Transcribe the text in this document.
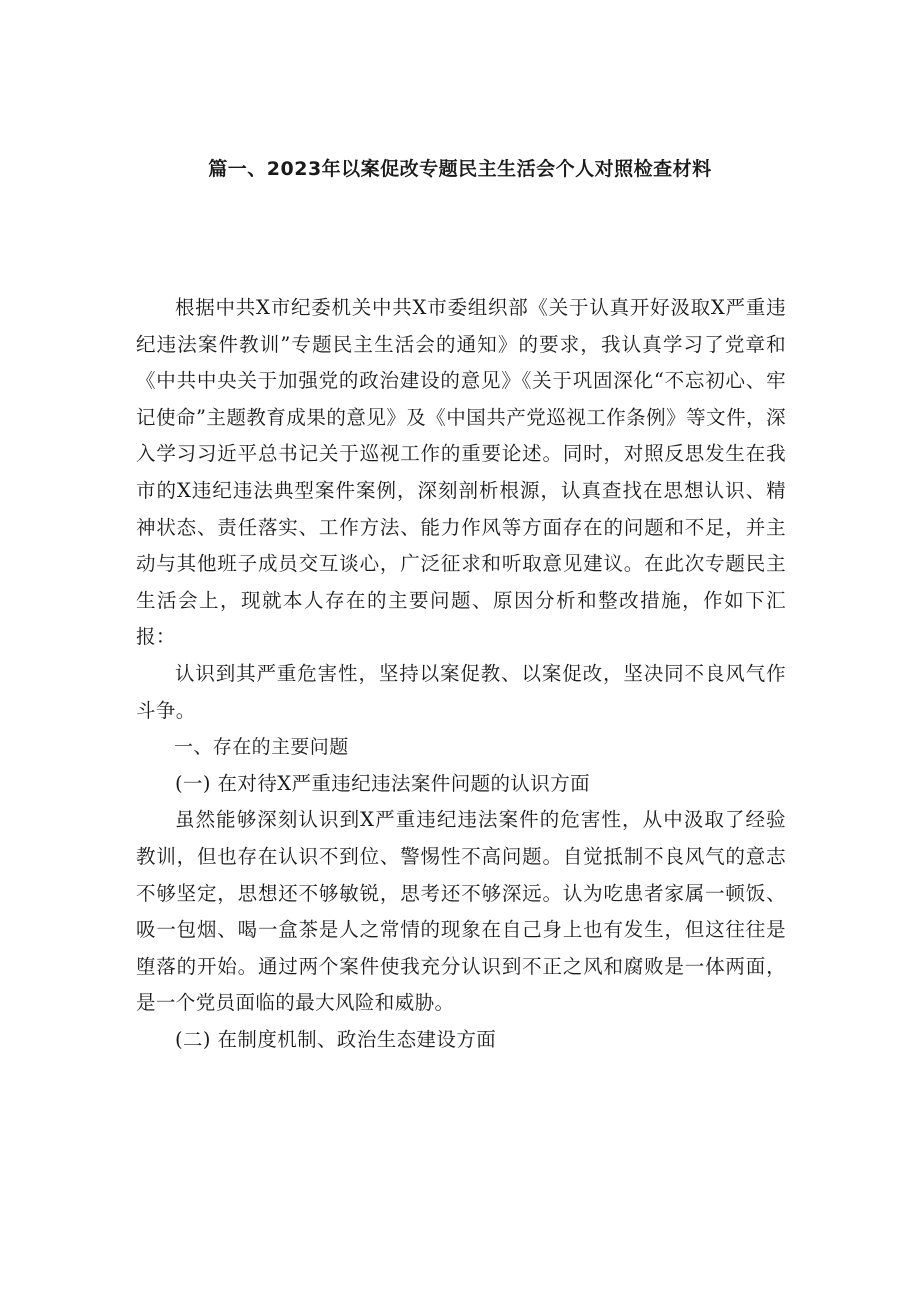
篇一、2023年以案促改专题民主生活会个人对照检查材料

根据中共X市纪委机关中共X市委组织部《关于认真开好汲取X严重违纪违法案件教训”专题民主生活会的通知》的要求，我认真学习了党章和《中共中央关于加强党的政治建设的意见》《关于巩固深化“不忘初心、牢记使命”主题教育成果的意见》及《中国共产党巡视工作条例》等文件，深入学习习近平总书记关于巡视工作的重要论述。同时，对照反思发生在我市的X违纪违法典型案件案例，深刻剖析根源，认真查找在思想认识、精神状态、责任落实、工作方法、能力作风等方面存在的问题和不足，并主动与其他班子成员交互谈心，广泛征求和听取意见建议。在此次专题民主生活会上，现就本人存在的主要问题、原因分析和整改措施，作如下汇报：

认识到其严重危害性，坚持以案促教、以案促改，坚决同不良风气作斗争。

一、存在的主要问题

(一) 在对待X严重违纪违法案件问题的认识方面

虽然能够深刻认识到X严重违纪违法案件的危害性，从中汲取了经验教训，但也存在认识不到位、警惕性不高问题。自觉抵制不良风气的意志不够坚定，思想还不够敏锐，思考还不够深远。认为吃患者家属一顿饭、吸一包烟、喝一盒茶是人之常情的现象在自己身上也有发生，但这往往是堕落的开始。通过两个案件使我充分认识到不正之风和腐败是一体两面，是一个党员面临的最大风险和威胁。

(二) 在制度机制、政治生态建设方面
